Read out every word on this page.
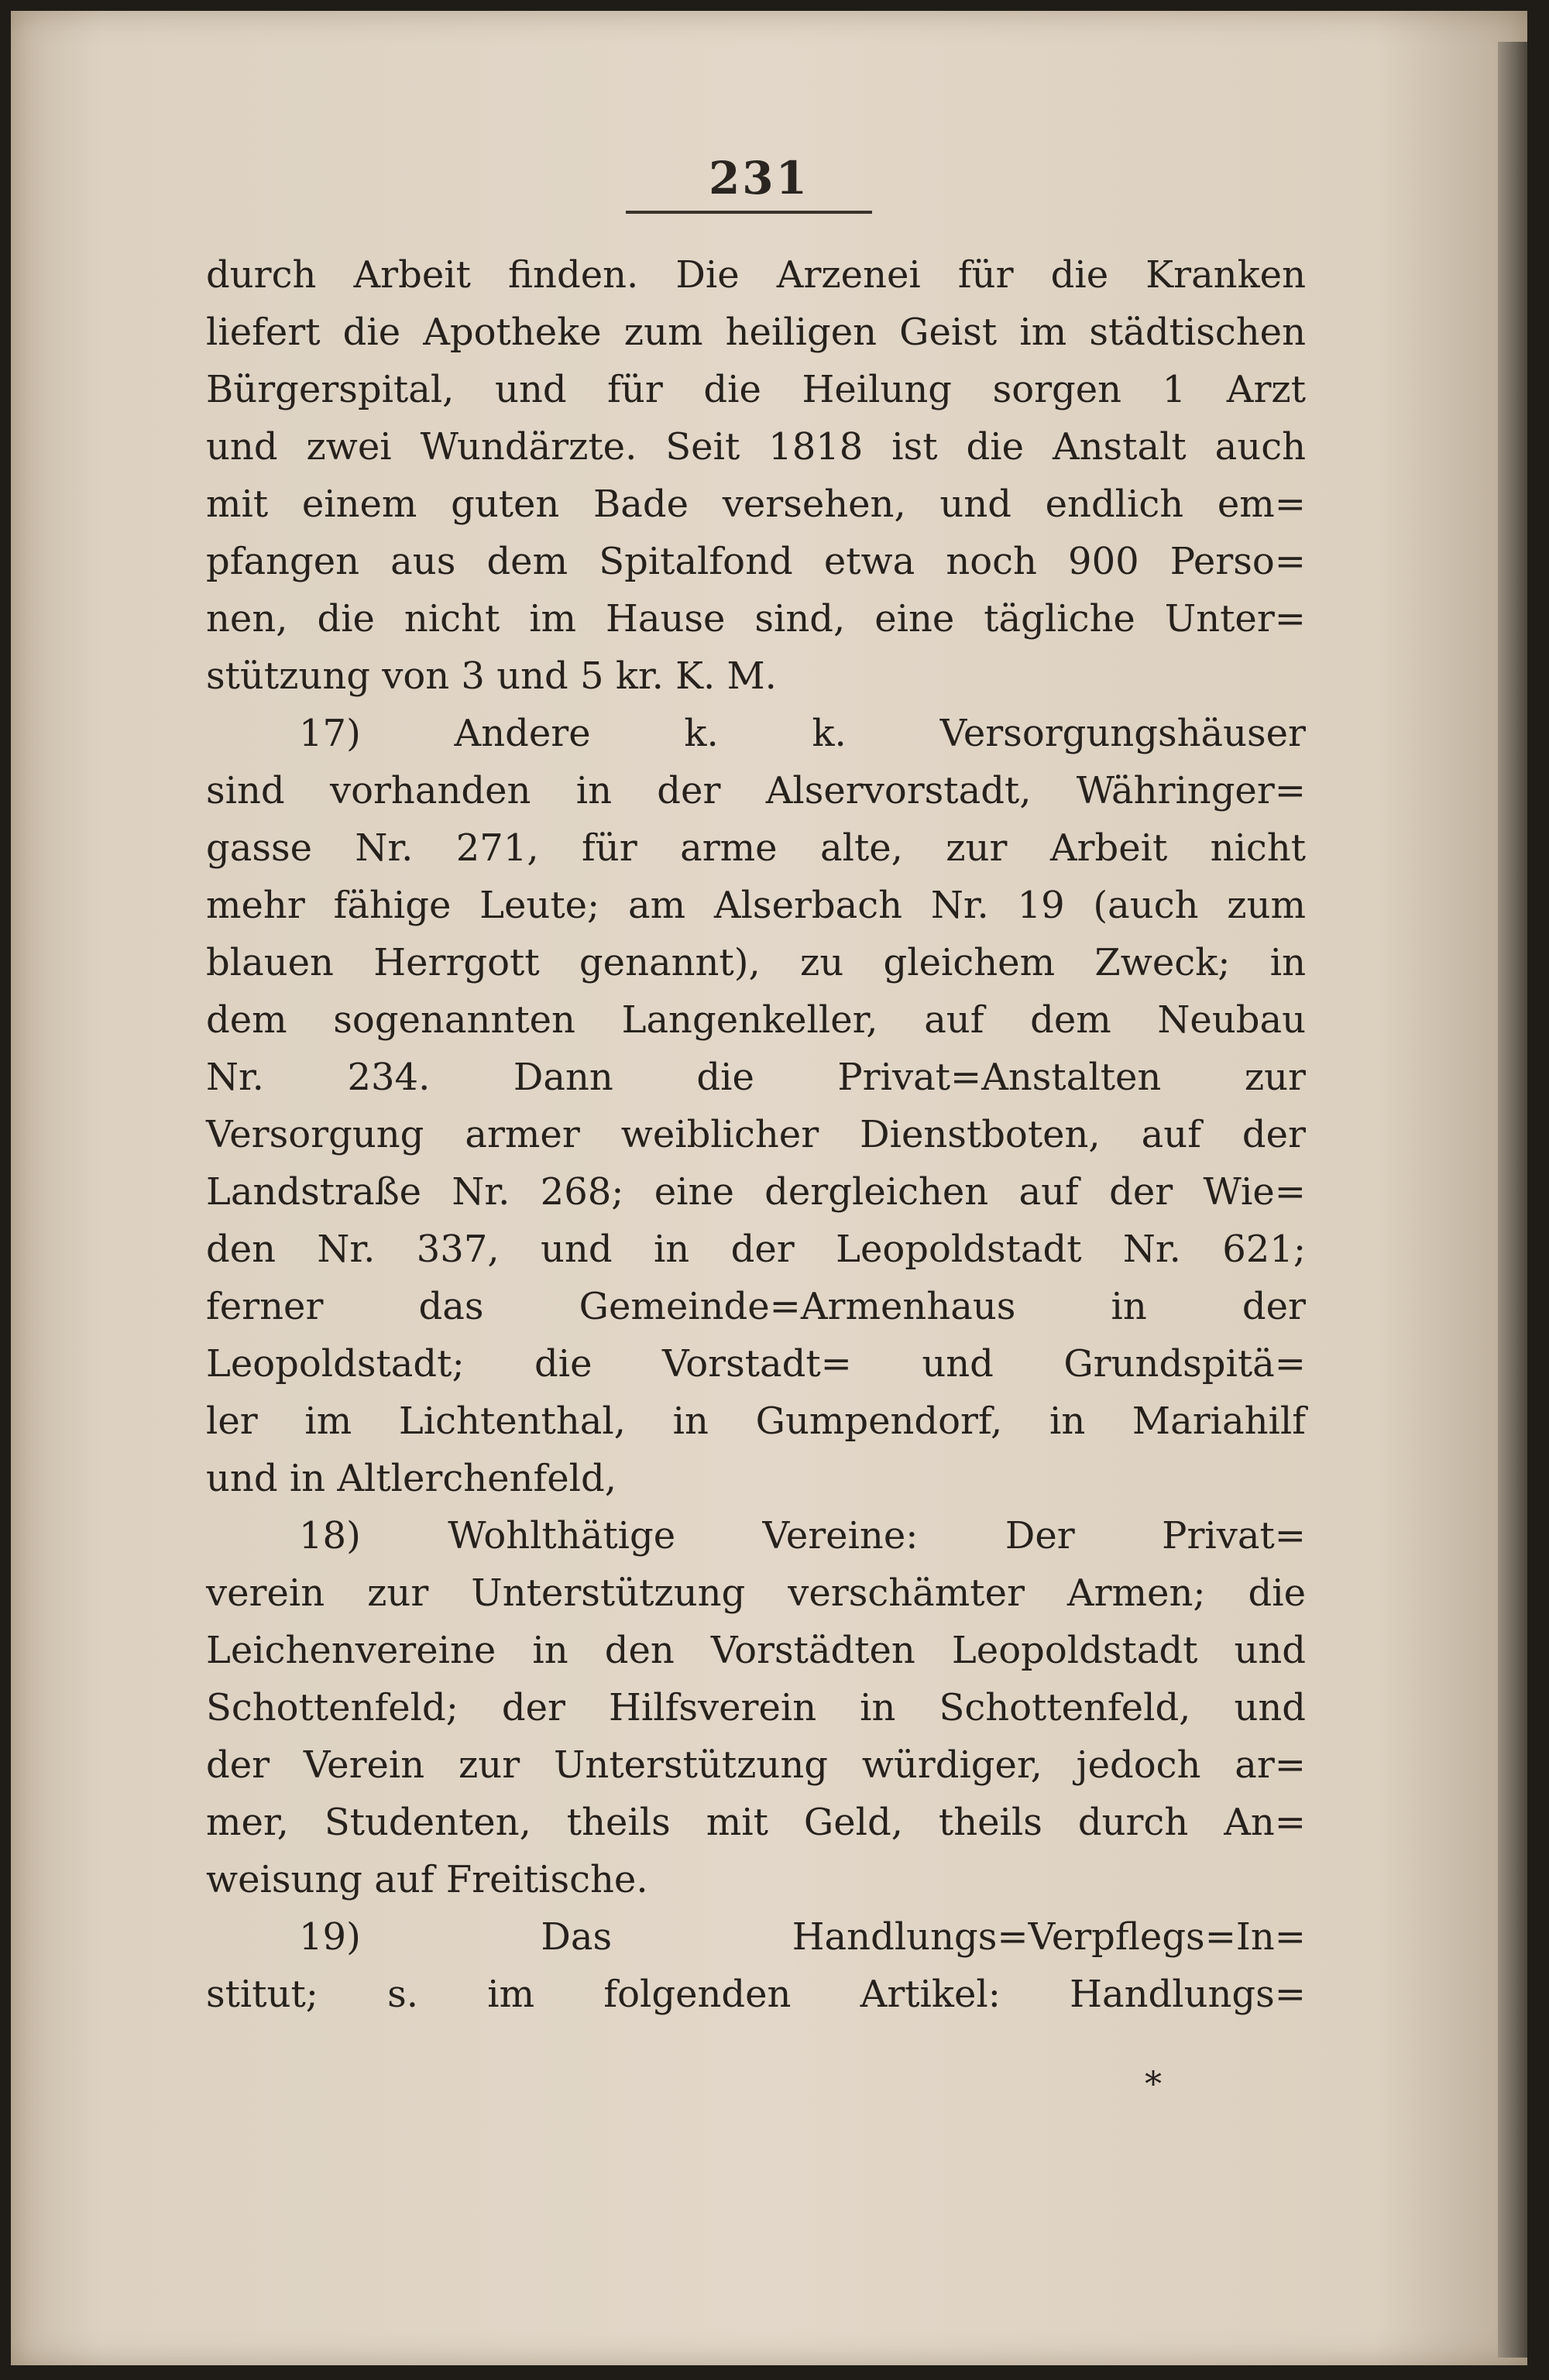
231
durch Arbeit finden. Die Arzenei für die Kranken
liefert die Apotheke zum heiligen Geist im städtischen
Bürgerspital, und für die Heilung sorgen 1 Arzt
und zwei Wundärzte. Seit 1818 ist die Anstalt auch
mit einem guten Bade versehen, und endlich em=
pfangen aus dem Spitalfond etwa noch 900 Perso=
nen, die nicht im Hause sind, eine tägliche Unter=
stützung von 3 und 5 kr. K. M.
17) Andere k. k. Versorgungshäuser
sind vorhanden in der Alservorstadt, Währinger=
gasse Nr. 271, für arme alte, zur Arbeit nicht
mehr fähige Leute; am Alserbach Nr. 19 (auch zum
blauen Herrgott genannt), zu gleichem Zweck; in
dem sogenannten Langenkeller, auf dem Neubau
Nr. 234. Dann die Privat=Anstalten zur
Versorgung armer weiblicher Dienstboten, auf der
Landstraße Nr. 268; eine dergleichen auf der Wie=
den Nr. 337, und in der Leopoldstadt Nr. 621;
ferner das Gemeinde=Armenhaus in der
Leopoldstadt; die Vorstadt= und Grundspitä=
ler im Lichtenthal, in Gumpendorf, in Mariahilf
und in Altlerchenfeld,
18) Wohlthätige Vereine: Der Privat=
verein zur Unterstützung verschämter Armen; die
Leichenvereine in den Vorstädten Leopoldstadt und
Schottenfeld; der Hilfsverein in Schottenfeld, und
der Verein zur Unterstützung würdiger, jedoch ar=
mer, Studenten, theils mit Geld, theils durch An=
weisung auf Freitische.
19) Das Handlungs=Verpflegs=In=
stitut; s. im folgenden Artikel: Handlungs=
*
